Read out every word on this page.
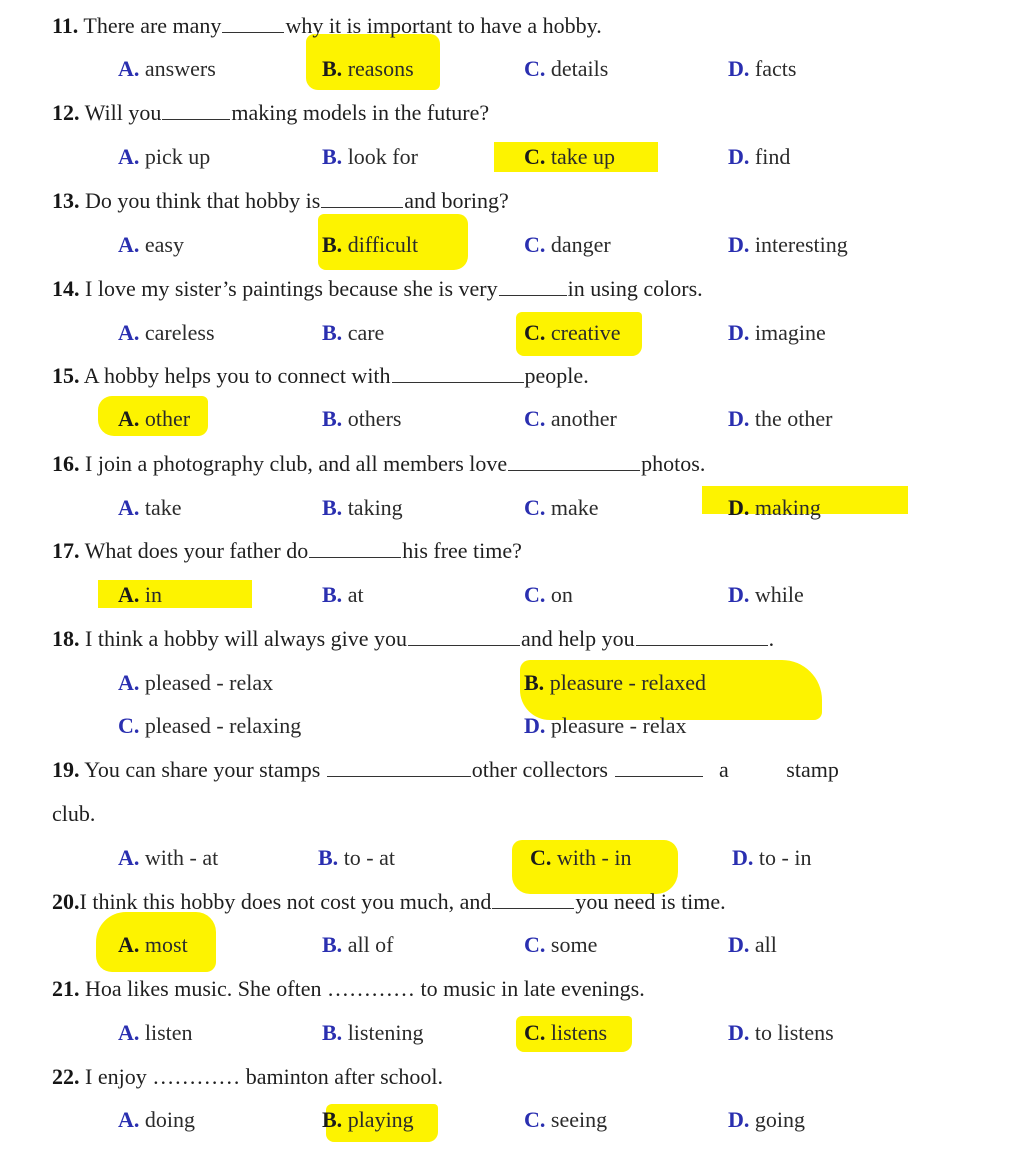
11. There are many	why it is important to have a hobby.
A. answers	B. reasons	C. details	D. facts
12. Will you	making models in the future?
A. pick up	B. look for	C. take up	D. find
13. Do you think that hobby is	and boring?
A. easy	B. difficult	C. danger	D. interesting
14. I love my sister’s paintings because she is very	in using colors.
A. careless	B. care	C. creative	D. imagine
15. A hobby helps you to connect with	people.
A. other	B. others	C. another	D. the other
16. I join a photography club, and all members love	photos.
A. take	B. taking	C. make	D. making
17. What does your father do	his free time?
A. in	B. at	C. on	D. while
18. I think a hobby will always give you	and help you	.
A. pleased - relax	B. pleasure - relaxed
C. pleased - relaxing	D. pleasure - relax
19. You can share your stamps	other collectors	a	stamp
club.
A. with - at	B. to - at	C. with - in	D. to - in
20.I think this hobby does not cost you much, and	you need is time.
A. most	B. all of	C. some	D. all
21. Hoa likes music. She often ………… to music in late evenings.
A. listen	B. listening	C. listens	D. to listens
22. I enjoy ………… baminton after school.
A. doing	B. playing	C. seeing	D. going
